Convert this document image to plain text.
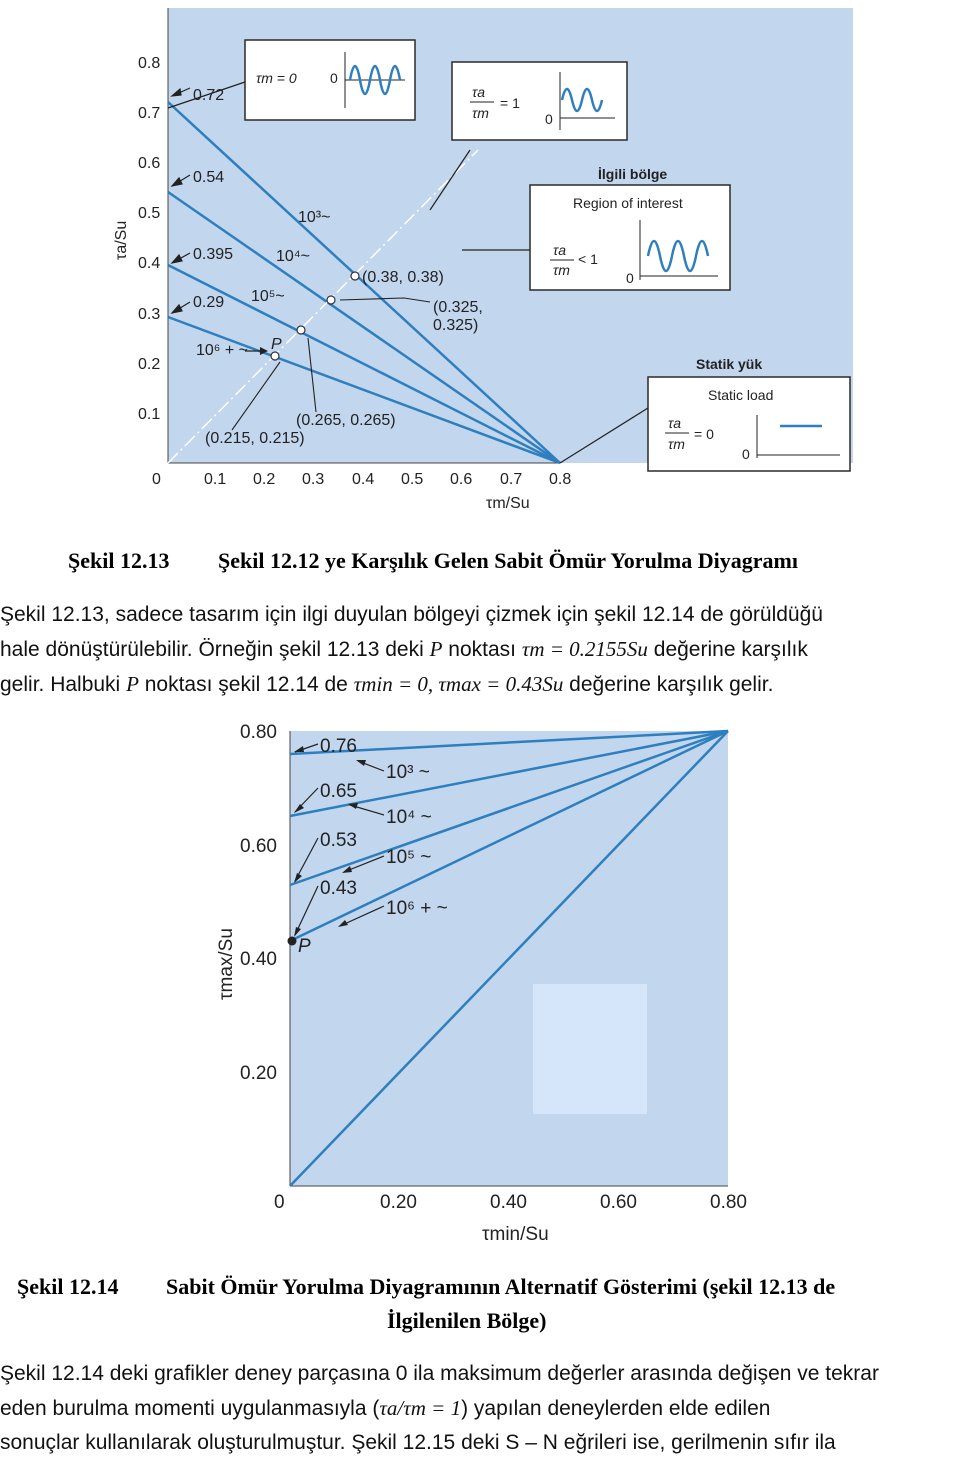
0.1
0.2
0.3
0.4
0.5
0.6
0.7
0.8
0	0.1 0.2 0.3 0.4 0.5 0.6 0.7 0.8
τm/Su
τa/Su
0.72
0.54
0.395
0.29
10³~
10⁴~
10⁵~
10⁶ + ~ P
(0.38, 0.38)
(0.325,
0.325)
(0.265, 0.265)
(0.215, 0.215)
τm = 0 0
τa
τm
= 1
0
İlgili bölge
Region of interest
τa
τm
< 1
0
Statik yük
Static load
τa
τm
= 0
0
Şekil 12.13 Şekil 12.12 ye Karşılık Gelen Sabit Ömür Yorulma Diyagramı
Şekil 12.13, sadece tasarım için ilgi duyulan bölgeyi çizmek için şekil 12.14 de görüldüğü
hale dönüştürülebilir. Örneğin şekil 12.13 deki P noktası τm = 0.2155Su değerine karşılık
gelir. Halbuki P noktası şekil 12.14 de τmin = 0, τmax = 0.43Su değerine karşılık gelir.
0.20
0.40
0.60
0.80
0	0.20	0.40	0.60	0.80
τmin/Su
τmax/Su
0.76
0.65
0.53
0.43
10³ ~
10⁴ ~
10⁵ ~
10⁶ + ~
P
Şekil 12.14 Sabit Ömür Yorulma Diyagramının Alternatif Gösterimi (şekil 12.13 de
İlgilenilen Bölge)
Şekil 12.14 deki grafikler deney parçasına 0 ila maksimum değerler arasında değişen ve tekrar
eden burulma momenti uygulanmasıyla (τa/τm = 1) yapılan deneylerden elde edilen
sonuçlar kullanılarak oluşturulmuştur. Şekil 12.15 deki S – N eğrileri ise, gerilmenin sıfır ila
